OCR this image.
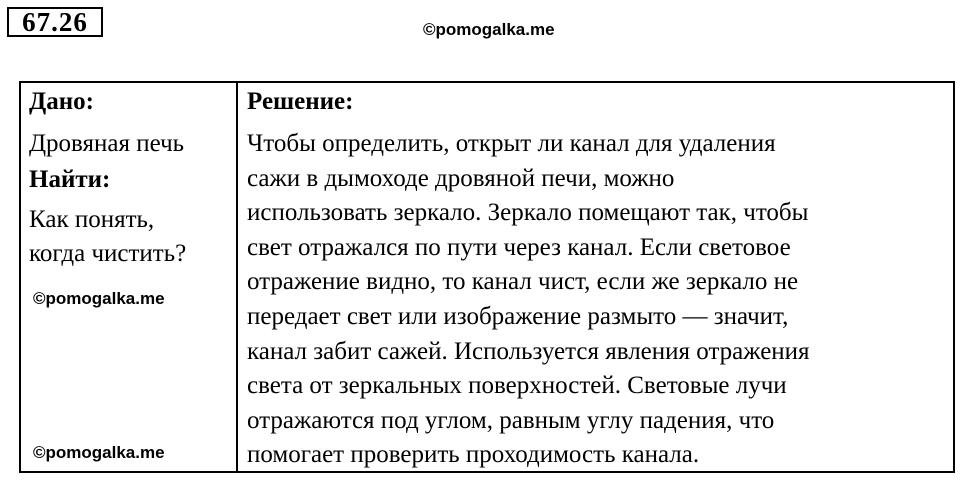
67.26	©pomogalka.me
Дано:
Дровяная печь
Найти:
Как понять,
когда чистить?
Решение:
Чтобы определить, открыт ли канал для удаления
сажи в дымоходе дровяной печи, можно
использовать зеркало. Зеркало помещают так, чтобы
свет отражался по пути через канал. Если световое
отражение видно, то канал чист, если же зеркало не
передает свет или изображение размыто — значит,
канал забит сажей. Используется явления отражения
света от зеркальных поверхностей. Световые лучи
отражаются под углом, равным углу падения, что
помогает проверить проходимость канала.
©pomogalka.me
©pomogalka.me
